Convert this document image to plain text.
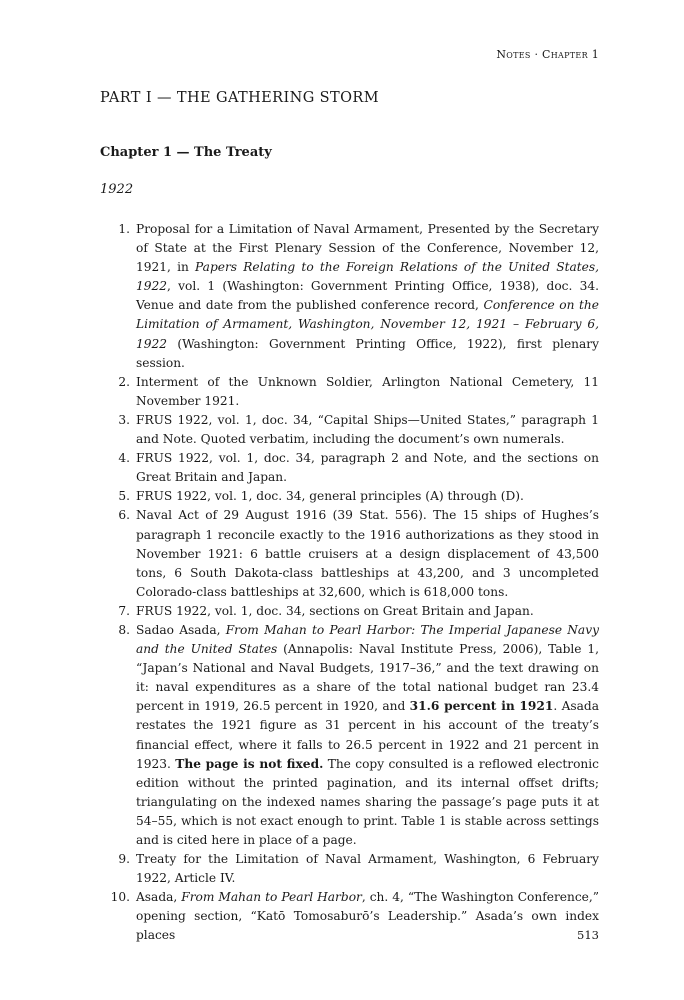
Notes · Chapter 1
PART I — THE GATHERING STORM
Chapter 1 — The Treaty
1922
1. Proposal for a Limitation of Naval Armament, Presented by the Secretary of State at the First Plenary Session of the Conference, November 12, 1921, in Papers Relating to the Foreign Relations of the United States, 1922, vol. 1 (Washington: Government Printing Office, 1938), doc. 34. Venue and date from the published conference record, Conference on the Limitation of Armament, Washington, November 12, 1921 – February 6, 1922 (Washington: Government Printing Office, 1922), first plenary session.
2. Interment of the Unknown Soldier, Arlington National Cemetery, 11 November 1921.
3. FRUS 1922, vol. 1, doc. 34, “Capital Ships—United States,” paragraph 1 and Note. Quoted verbatim, including the document’s own numerals.
4. FRUS 1922, vol. 1, doc. 34, paragraph 2 and Note, and the sections on Great Britain and Japan.
5. FRUS 1922, vol. 1, doc. 34, general principles (A) through (D).
6. Naval Act of 29 August 1916 (39 Stat. 556). The 15 ships of Hughes’s paragraph 1 reconcile exactly to the 1916 authorizations as they stood in November 1921: 6 battle cruisers at a design displacement of 43,500 tons, 6 South Dakota-class battleships at 43,200, and 3 uncompleted Colorado-class battleships at 32,600, which is 618,000 tons.
7. FRUS 1922, vol. 1, doc. 34, sections on Great Britain and Japan.
8. Sadao Asada, From Mahan to Pearl Harbor: The Imperial Japanese Navy and the United States (Annapolis: Naval Institute Press, 2006), Table 1, “Japan’s National and Naval Budgets, 1917–36,” and the text drawing on it: naval expenditures as a share of the total national budget ran 23.4 percent in 1919, 26.5 percent in 1920, and 31.6 percent in 1921. Asada restates the 1921 figure as 31 percent in his account of the treaty’s financial effect, where it falls to 26.5 percent in 1922 and 21 percent in 1923. The page is not fixed. The copy consulted is a reflowed electronic edition without the printed pagination, and its internal offset drifts; triangulating on the indexed names sharing the passage’s page puts it at 54–55, which is not exact enough to print. Table 1 is stable across settings and is cited here in place of a page.
9. Treaty for the Limitation of Naval Armament, Washington, 6 February 1922, Article IV.
10. Asada, From Mahan to Pearl Harbor, ch. 4, “The Washington Conference,” opening section, “Katō Tomosaburō’s Leadership.” Asada’s own index places	513
